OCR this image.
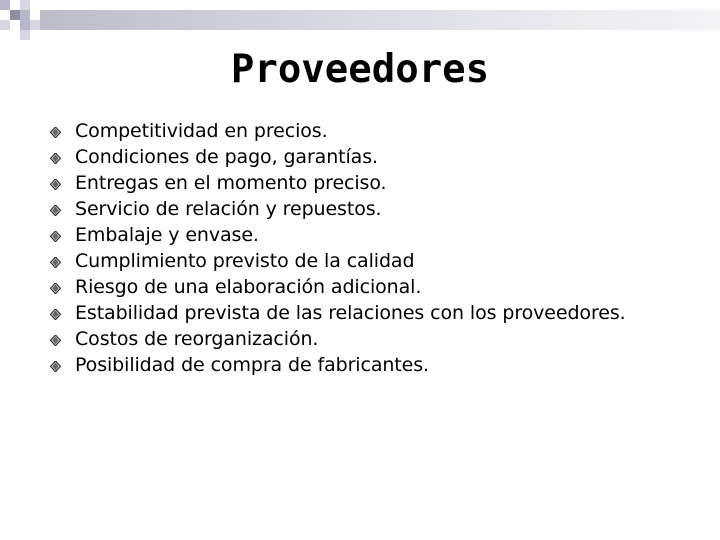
Proveedores
Competitividad en precios.
Condiciones de pago, garantías.
Entregas en el momento preciso.
Servicio de relación y repuestos.
Embalaje y envase.
Cumplimiento previsto de la calidad
Riesgo de una elaboración adicional.
Estabilidad prevista de las relaciones con los proveedores.
Costos de reorganización.
Posibilidad de compra de fabricantes.
